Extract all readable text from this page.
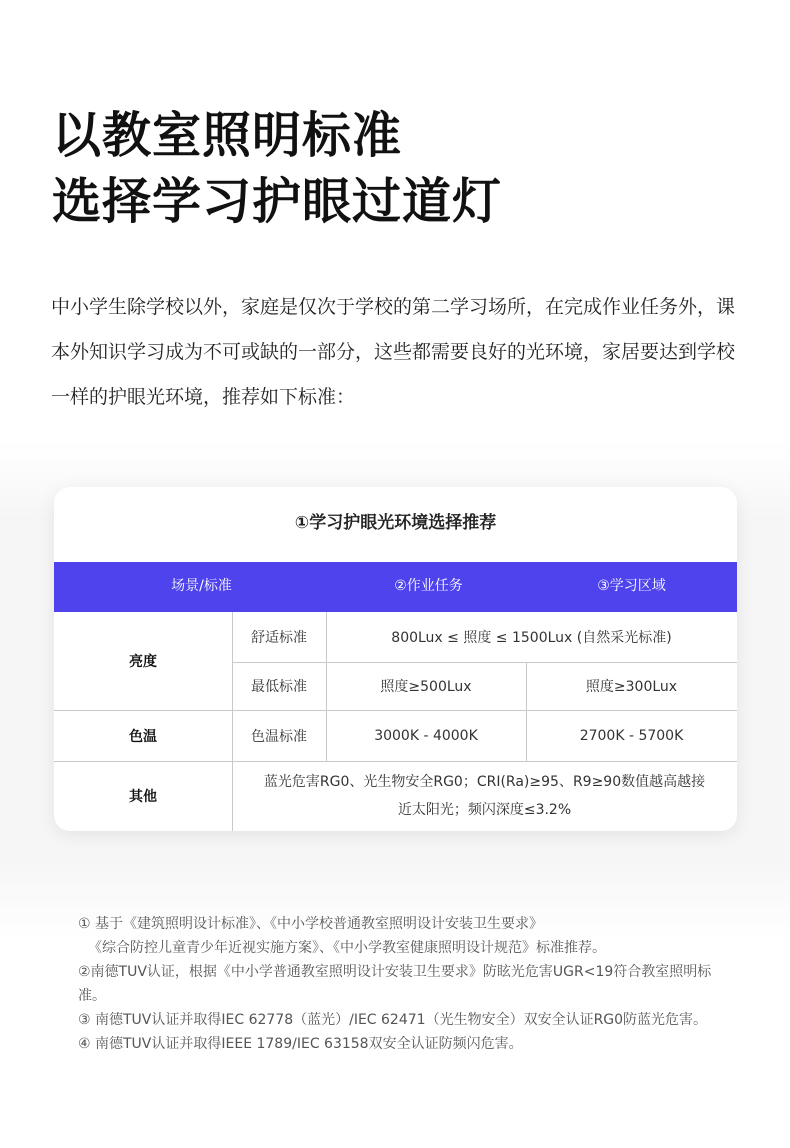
以教室照明标准
选择学习护眼过道灯

中小学生除学校以外，家庭是仅次于学校的第二学习场所，在完成作业任务外，课本外知识学习成为不可或缺的一部分，这些都需要良好的光环境，家居要达到学校一样的护眼光环境，推荐如下标准：

①学习护眼光环境选择推荐
场景/标准	②作业任务	③学习区域
亮度
舒适标准	800Lux ≤ 照度 ≤ 1500Lux (自然采光标准)
最低标准	照度≥500Lux	照度≥300Lux
色温	色温标准	3000K - 4000K	2700K - 5700K
其他
蓝光危害RG0、光生物安全RG0；CRI(Ra)≥95、R9≥90数值越高越接近太阳光；频闪深度≤3.2%

① 基于《建筑照明设计标准》、《中小学校普通教室照明设计安装卫生要求》

《综合防控儿童青少年近视实施方案》、《中小学教室健康照明设计规范》标准推荐。

②南德TUV认证，根据《中小学普通教室照明设计安装卫生要求》防眩光危害UGR<19符合教室照明标准。

③ 南德TUV认证并取得IEC 62778（蓝光）/IEC 62471（光生物安全）双安全认证RG0防蓝光危害。

④ 南德TUV认证并取得IEEE 1789/IEC 63158双安全认证防频闪危害。
